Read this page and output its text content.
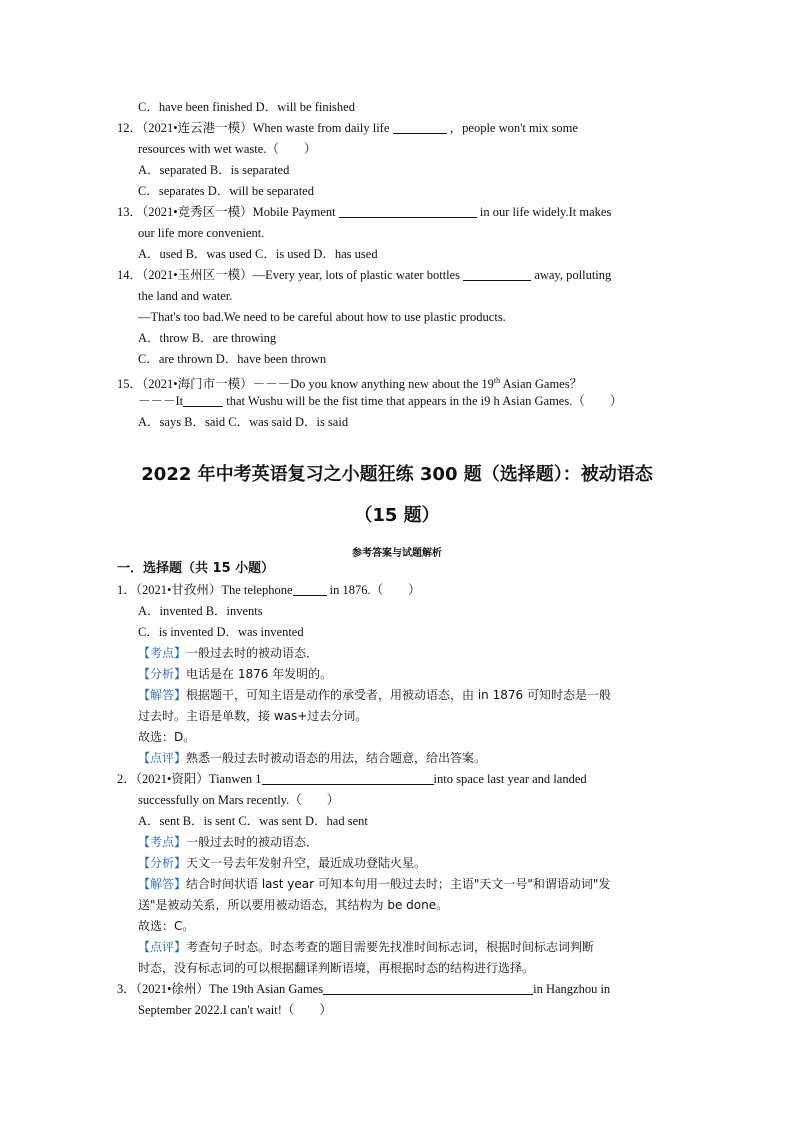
C．have been finished D．will be finished
12．（2021•连云港一模）When waste from daily life	，people won't mix some
resources with wet waste.（　　）
A．separated B．is separated
C．separates D．will be separated
13．（2021•竞秀区一模）Mobile Payment	in our life widely.It makes
our life more convenient.
A．used B．was used C．is used D．has used
14．（2021•玉州区一模）—Every year, lots of plastic water bottles	away, polluting
the land and water.
—That's too bad.We need to be careful about how to use plastic products.
A．throw B．are throwing
C．are thrown D．have been thrown
15．（2021•海门市一模）－－－Do you know anything new about the 19th Asian Games？
－－－It	that Wushu will be the fist time that appears in the i9 h Asian Games.（　　）
A．says B．said C．was said D．is said
2022 年中考英语复习之小题狂练 300 题（选择题）：被动语态
（15 题）
参考答案与试题解析
一．选择题（共 15 小题）
1．（2021•甘孜州）The telephone	in 1876.（　　）
A．invented B．invents
C．is invented D．was invented
【考点】一般过去时的被动语态．
【分析】电话是在 1876 年发明的。
【解答】根据题干，可知主语是动作的承受者，用被动语态，由 in 1876 可知时态是一般
过去时。主语是单数，接 was+过去分词。
故选：D。
【点评】熟悉一般过去时被动语态的用法，结合题意，给出答案。
2．（2021•资阳）Tianwen 1	into space last year and landed
successfully on Mars recently.（　　）
A．sent B．is sent C．was sent D．had sent
【考点】一般过去时的被动语态．
【分析】天文一号去年发射升空，最近成功登陆火星。
【解答】结合时间状语 last year 可知本句用一般过去时；主语"天文一号"和谓语动词"发
送"是被动关系，所以要用被动语态，其结构为 be done。
故选：C。
【点评】考查句子时态。时态考查的题目需要先找准时间标志词，根据时间标志词判断
时态，没有标志词的可以根据翻译判断语境，再根据时态的结构进行选择。
3．（2021•徐州）The 19th Asian Games	in Hangzhou in
September 2022.I can't wait!（　　）
